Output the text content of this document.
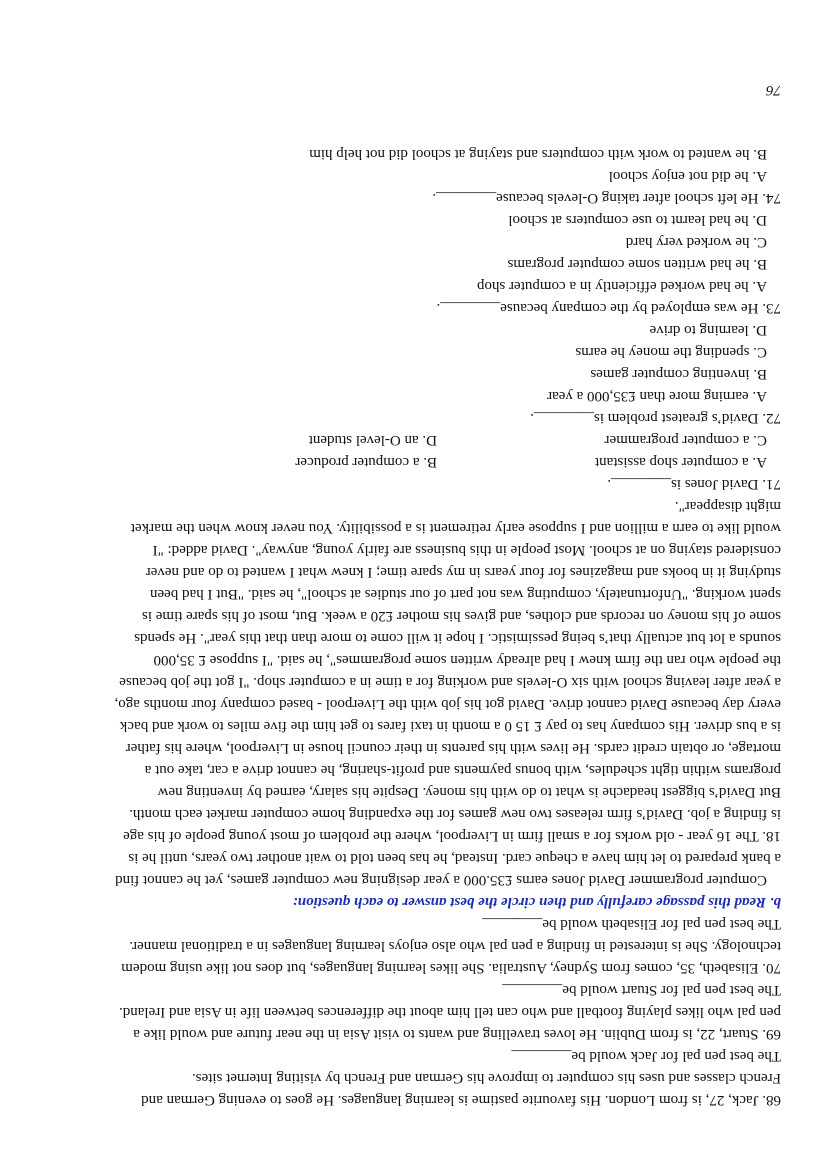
68. Jack, 27, is from London. His favourite pastime is learning languages. He goes to evening German and
French classes and uses his computer to improve his German and French by visiting Internet sites.
The best pen pal for Jack would be________
69. Stuart, 22, is from Dublin. He loves travelling and wants to visit Asia in the near future and would like a
pen pal who likes playing football and who can tell him about the differences between life in Asia and Ireland.
The best pen pal for Stuart would be________
70. Elisabeth, 35, comes from Sydney, Australia. She likes learning languages, but does not like using modem
technology. She is interested in finding a pen pal who also enjoys learning languages in a traditional manner.
The best pen pal for Elisabeth would be________
b. Read this passage carefully and then circle the best answer to each question:
Computer programmer David Jones earns £35.000 a year designing new computer games, yet he cannot find
a bank prepared to let him have a cheque card. Instead, he has been told to wait another two years, until he is
18. The 16 year - old works for a small firm in Liverpool, where the problem of most young people of his age
is finding a job. David’s firm releases two new games for the expanding home computer market each month.
But David’s biggest headache is what to do with his money. Despite his salary, earned by inventing new
programs within tight schedules, with bonus payments and profit-sharing, he cannot drive a car, take out a
mortage, or obtain credit cards. He lives with his parents in their council house in Liverpool, where his father
is a bus driver. His company has to pay £ 15 0 a month in taxi fares to get him the five miles to work and back
every day because David cannot drive. David got his job with the Liverpool - based company four months ago,
a year after leaving school with six O-levels and working for a time in a computer shop. "I got the job because
the people who ran the firm knew I had already written some programmes", he said. "I suppose £ 35,000
sounds a lot but actually that’s being pessimistic. I hope it will come to more than that this year". He spends
some of his money on records and clothes, and gives his mother £20 a week. But, most of his spare time is
spent working. "Unfortunately, computing was not part of our studies at school", he said. "But I had been
studying it in books and magazines for four years in my spare time; I knew what I wanted to do and never
considered staying on at school. Most people in this business are fairly young, anyway". David added: "I
would like to earn a million and I suppose early retirement is a possibility. You never know when the market
might disappear".
71. David Jones is________.
A. a computer shop assistant
B. a computer producer
C. a computer programmer
D. an O-level student
72. David’s greatest problem is________.
A. earning more than £35,000 a year
B. inventing computer games
C. spending the money he earns
D. learning to drive
73. He was employed by the company because________.
A. he had worked efficiently in a computer shop
B. he had written some computer programs
C. he worked very hard
D. he had learnt to use computers at school
74. He left school after taking O-levels because________.
A. he did not enjoy school
B. he wanted to work with computers and staying at school did not help him
76
